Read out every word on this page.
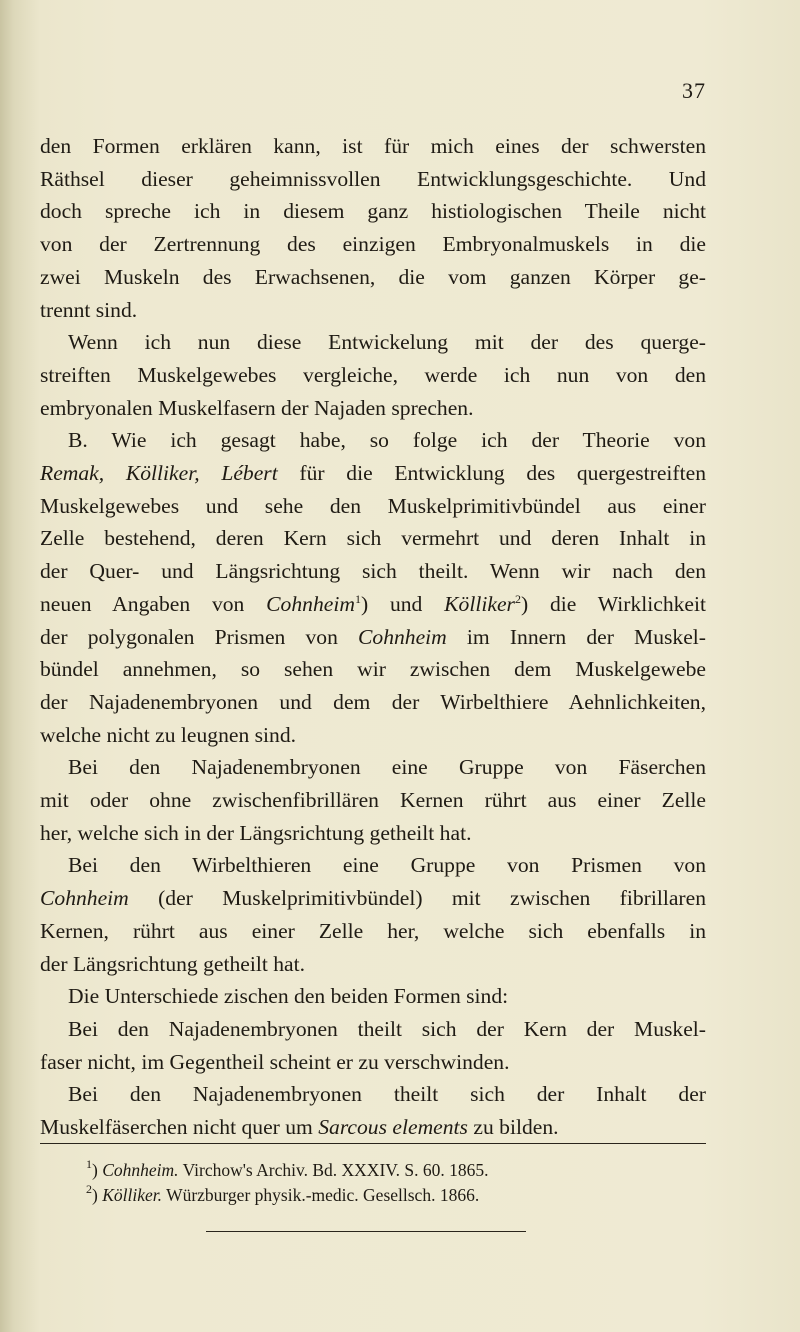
37
den Formen erklären kann, ist für mich eines der schwersten
Räthsel dieser geheimnissvollen Entwicklungsgeschichte. Und
doch spreche ich in diesem ganz histiologischen Theile nicht
von der Zertrennung des einzigen Embryonalmuskels in die
zwei Muskeln des Erwachsenen, die vom ganzen Körper ge-
trennt sind.
Wenn ich nun diese Entwickelung mit der des querge-
streiften Muskelgewebes vergleiche, werde ich nun von den
embryonalen Muskelfasern der Najaden sprechen.
B. Wie ich gesagt habe, so folge ich der Theorie von
Remak, Kölliker, Lébert für die Entwicklung des quergestreiften
Muskelgewebes und sehe den Muskelprimitivbündel aus einer
Zelle bestehend, deren Kern sich vermehrt und deren Inhalt in
der Quer- und Längsrichtung sich theilt. Wenn wir nach den
neuen Angaben von Cohnheim$^1$) und Kölliker$^2$) die Wirklichkeit
der polygonalen Prismen von Cohnheim im Innern der Muskel-
bündel annehmen, so sehen wir zwischen dem Muskelgewebe
der Najadenembryonen und dem der Wirbelthiere Aehnlichkeiten,
welche nicht zu leugnen sind.
Bei den Najadenembryonen eine Gruppe von Fäserchen
mit oder ohne zwischenfibrillären Kernen rührt aus einer Zelle
her, welche sich in der Längsrichtung getheilt hat.
Bei den Wirbelthieren eine Gruppe von Prismen von
Cohnheim (der Muskelprimitivbündel) mit zwischen fibrillaren
Kernen, rührt aus einer Zelle her, welche sich ebenfalls in
der Längsrichtung getheilt hat.
Die Unterschiede zischen den beiden Formen sind:
Bei den Najadenembryonen theilt sich der Kern der Muskel-
faser nicht, im Gegentheil scheint er zu verschwinden.
Bei den Najadenembryonen theilt sich der Inhalt der
Muskelfäserchen nicht quer um Sarcous elements zu bilden.
$^1$) Cohnheim. Virchow's Archiv. Bd. XXXIV. S. 60. 1865.
$^2$) Kölliker. Würzburger physik.-medic. Gesellsch. 1866.
